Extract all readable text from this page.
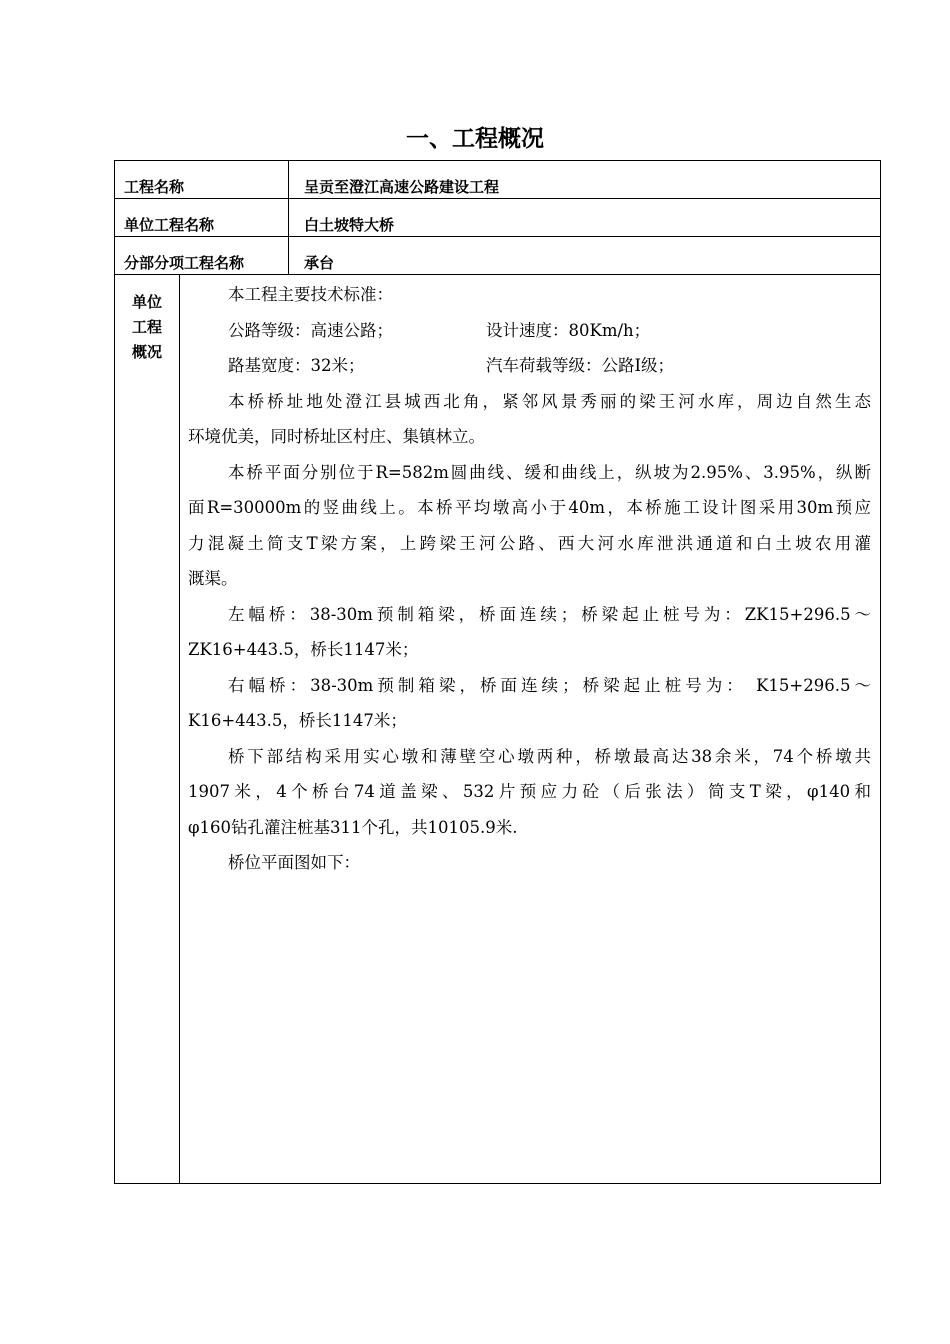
一、工程概况
工程名称	呈贡至澄江高速公路建设工程
单位工程名称	白土坡特大桥
分部分项工程名称	承台
单位
工程
概况
本工程主要技术标准：
公路等级：高速公路；	设计速度：80Km/h；
路基宽度：32米；	汽车荷载等级：公路Ⅰ级；
本桥桥址地处澄江县城西北角，紧邻风景秀丽的梁王河水库，周边自然生态
环境优美，同时桥址区村庄、集镇林立。
本桥平面分别位于R=582m圆曲线、缓和曲线上，纵坡为2.95%、3.95%，纵断
面R=30000m的竖曲线上。本桥平均墩高小于40m，本桥施工设计图采用30m预应
力混凝土简支T梁方案，上跨梁王河公路、西大河水库泄洪通道和白土坡农用灌
溉渠。
左幅桥：38-30m预制箱梁，桥面连续；桥梁起止桩号为：ZK15+296.5～
ZK16+443.5，桥长1147米；
右幅桥：38-30m预制箱梁，桥面连续；桥梁起止桩号为： K15+296.5～
K16+443.5，桥长1147米；
桥下部结构采用实心墩和薄壁空心墩两种，桥墩最高达38余米，74个桥墩共
1907米，4个桥台74道盖梁、532片预应力砼（后张法）简支T梁，φ140和
φ160钻孔灌注桩基311个孔，共10105.9米.
桥位平面图如下：
